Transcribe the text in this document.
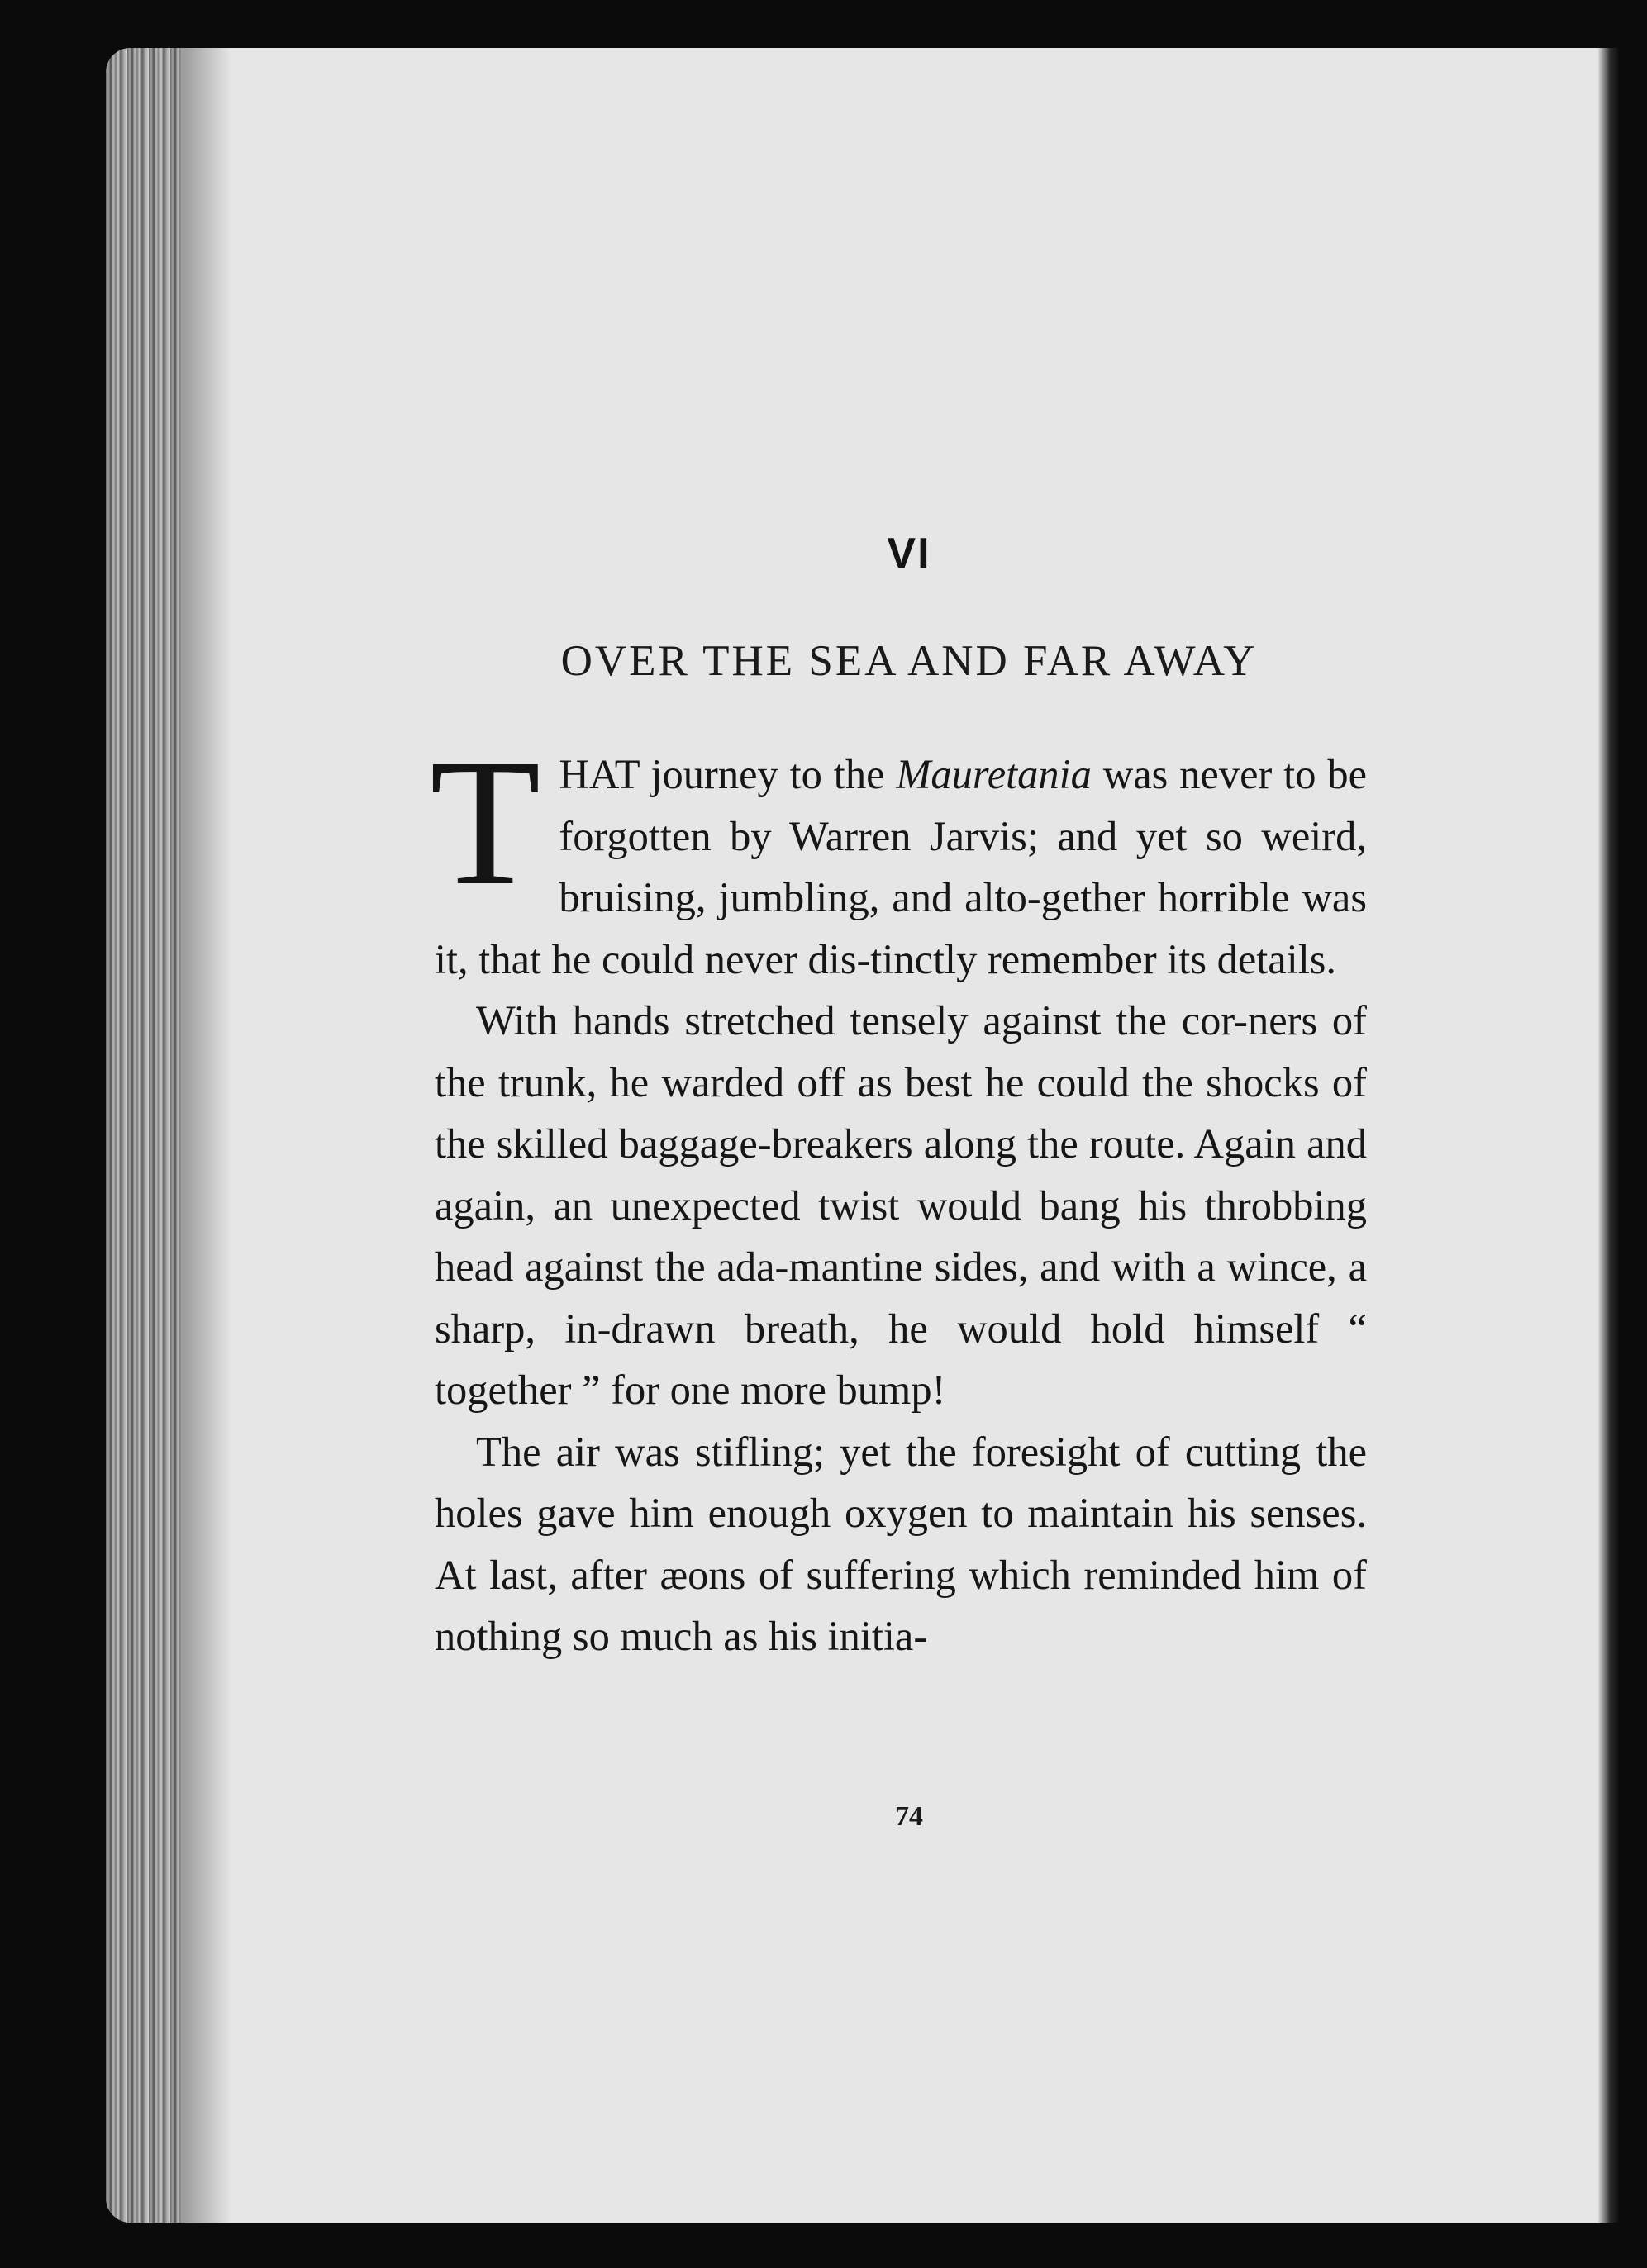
VI
OVER THE SEA AND FAR AWAY

THAT journey to the Mauretania was never to be forgotten by Warren Jarvis; and yet so weird, bruising, jumbling, and alto-gether horrible was it, that he could never dis-tinctly remember its details.

With hands stretched tensely against the cor-ners of the trunk, he warded off as best he could the shocks of the skilled baggage-breakers along the route. Again and again, an unexpected twist would bang his throbbing head against the ada-mantine sides, and with a wince, a sharp, in-drawn breath, he would hold himself “ together ” for one more bump!

The air was stifling; yet the foresight of cutting the holes gave him enough oxygen to maintain his senses. At last, after æons of suffering which reminded him of nothing so much as his initia-

74
